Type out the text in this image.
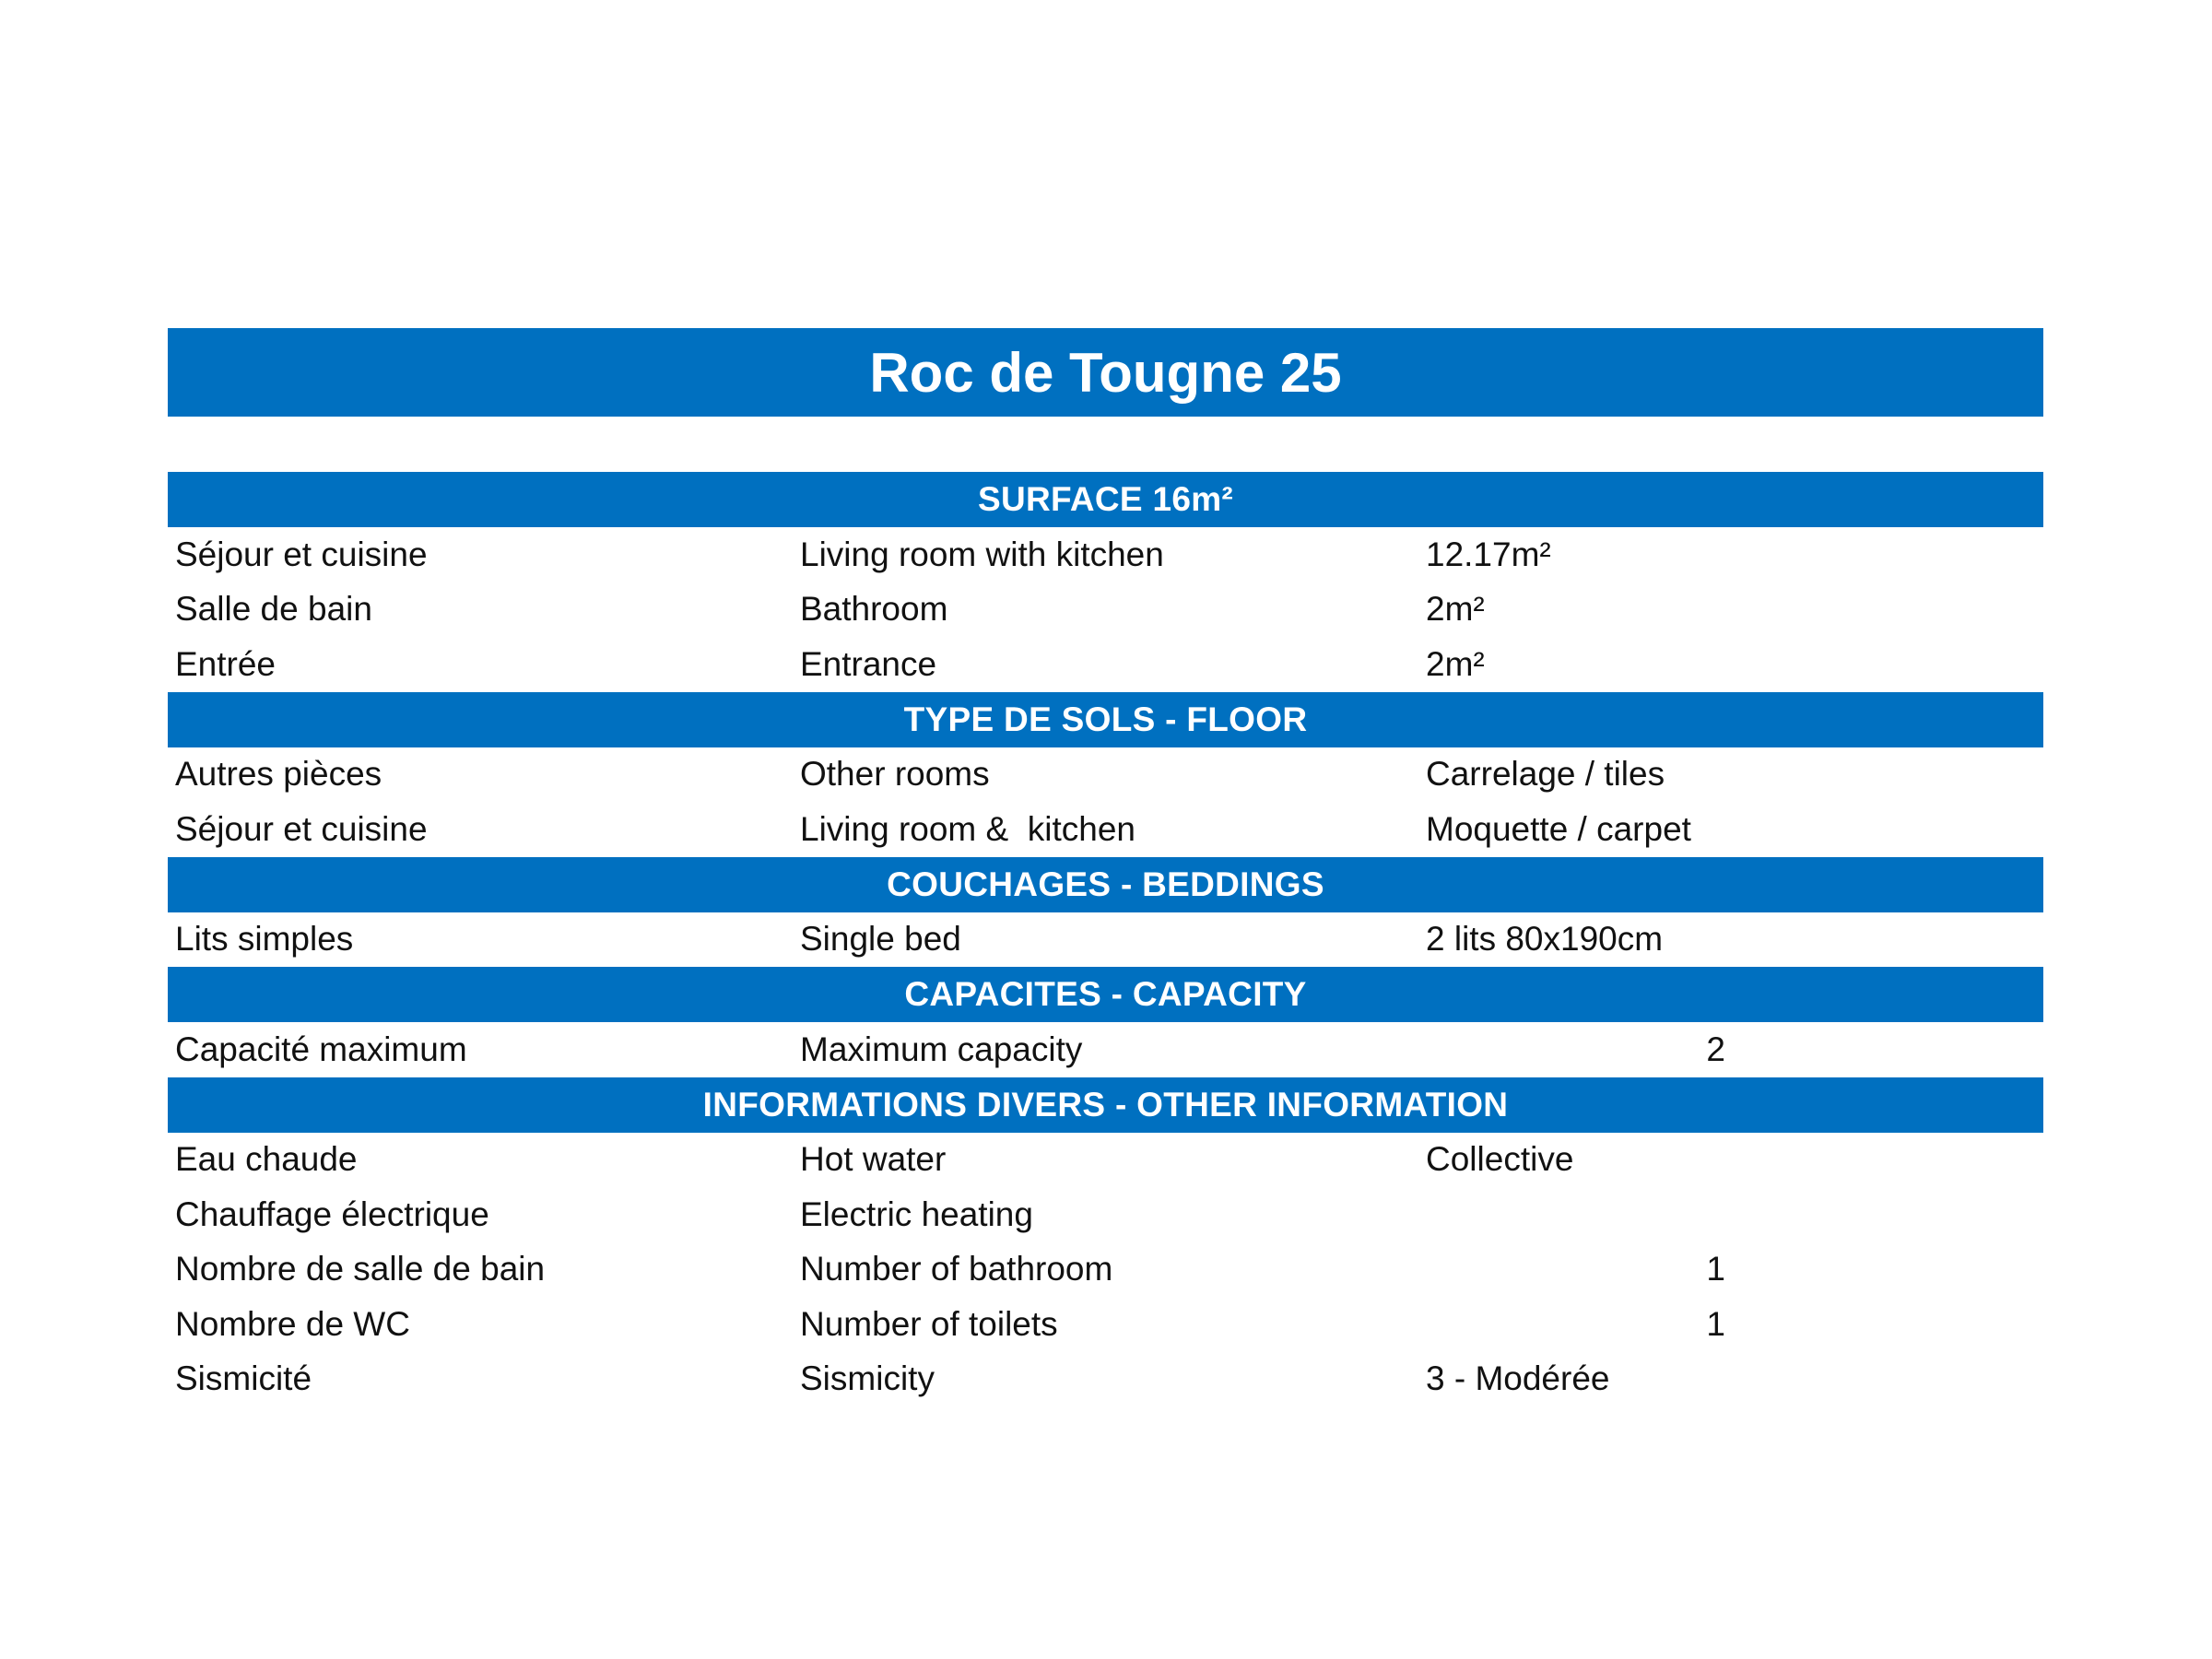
Roc de Tougne 25
SURFACE 16m²
Séjour et cuisine	Living room with kitchen	12.17m²
Salle de bain	Bathroom	2m²
Entrée	Entrance	2m²
TYPE DE SOLS - FLOOR
Autres pièces	Other rooms	Carrelage / tiles
Séjour et cuisine	Living room &  kitchen	Moquette / carpet
COUCHAGES - BEDDINGS
Lits simples	Single bed	2 lits 80x190cm
CAPACITES - CAPACITY
Capacité maximum	Maximum capacity	2
INFORMATIONS DIVERS - OTHER INFORMATION
Eau chaude	Hot water	Collective
Chauffage électrique	Electric heating
Nombre de salle de bain	Number of bathroom	1
Nombre de WC	Number of toilets	1
Sismicité	Sismicity	3 - Modérée
